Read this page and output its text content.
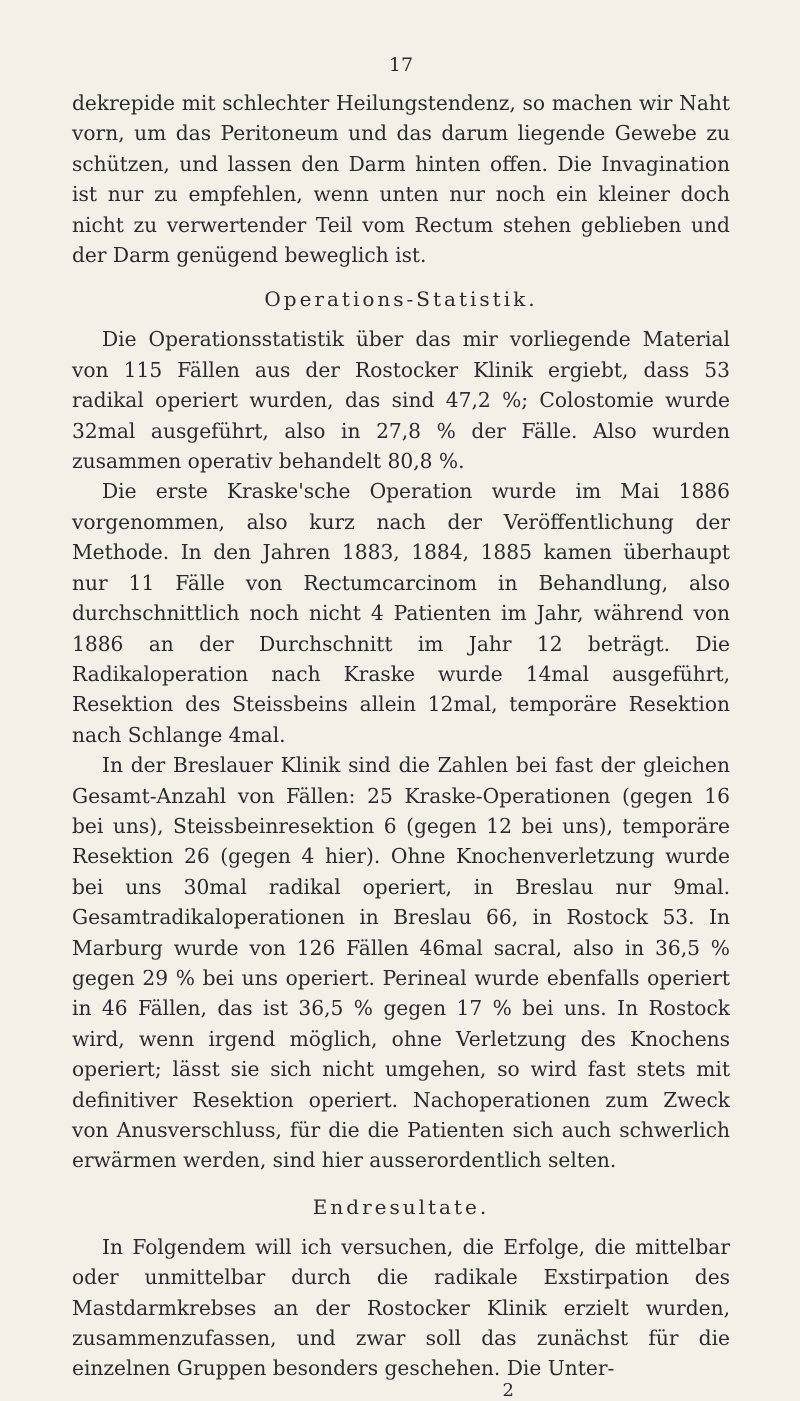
17

dekrepide mit schlechter Heilungstendenz, so machen wir Naht vorn, um das Peritoneum und das darum liegende Gewebe zu schützen, und lassen den Darm hinten offen. Die Invagination ist nur zu empfehlen, wenn unten nur noch ein kleiner doch nicht zu verwertender Teil vom Rectum stehen geblieben und der Darm genügend beweglich ist.

Operations-Statistik.

Die Operationsstatistik über das mir vorliegende Material von 115 Fällen aus der Rostocker Klinik ergiebt, dass 53 radikal operiert wurden, das sind 47,2 %; Colostomie wurde 32mal ausgeführt, also in 27,8 % der Fälle. Also wurden zusammen operativ behandelt 80,8 %.

Die erste Kraske'sche Operation wurde im Mai 1886 vorgenommen, also kurz nach der Veröffentlichung der Methode. In den Jahren 1883, 1884, 1885 kamen überhaupt nur 11 Fälle von Rectumcarcinom in Behandlung, also durchschnittlich noch nicht 4 Patienten im Jahr, während von 1886 an der Durchschnitt im Jahr 12 beträgt. Die Radikaloperation nach Kraske wurde 14mal ausgeführt, Resektion des Steissbeins allein 12mal, temporäre Resektion nach Schlange 4mal.

In der Breslauer Klinik sind die Zahlen bei fast der gleichen Gesamt-Anzahl von Fällen: 25 Kraske-Operationen (gegen 16 bei uns), Steissbeinresektion 6 (gegen 12 bei uns), temporäre Resektion 26 (gegen 4 hier). Ohne Knochenverletzung wurde bei uns 30mal radikal operiert, in Breslau nur 9mal. Gesamtradikaloperationen in Breslau 66, in Rostock 53. In Marburg wurde von 126 Fällen 46mal sacral, also in 36,5 % gegen 29 % bei uns operiert. Perineal wurde ebenfalls operiert in 46 Fällen, das ist 36,5 % gegen 17 % bei uns. In Rostock wird, wenn irgend möglich, ohne Verletzung des Knochens operiert; lässt sie sich nicht umgehen, so wird fast stets mit definitiver Resektion operiert. Nachoperationen zum Zweck von Anusverschluss, für die die Patienten sich auch schwerlich erwärmen werden, sind hier ausserordentlich selten.

Endresultate.

In Folgendem will ich versuchen, die Erfolge, die mittelbar oder unmittelbar durch die radikale Exstirpation des Mastdarmkrebses an der Rostocker Klinik erzielt wurden, zusammenzufassen, und zwar soll das zunächst für die einzelnen Gruppen besonders geschehen. Die Unter-

2
